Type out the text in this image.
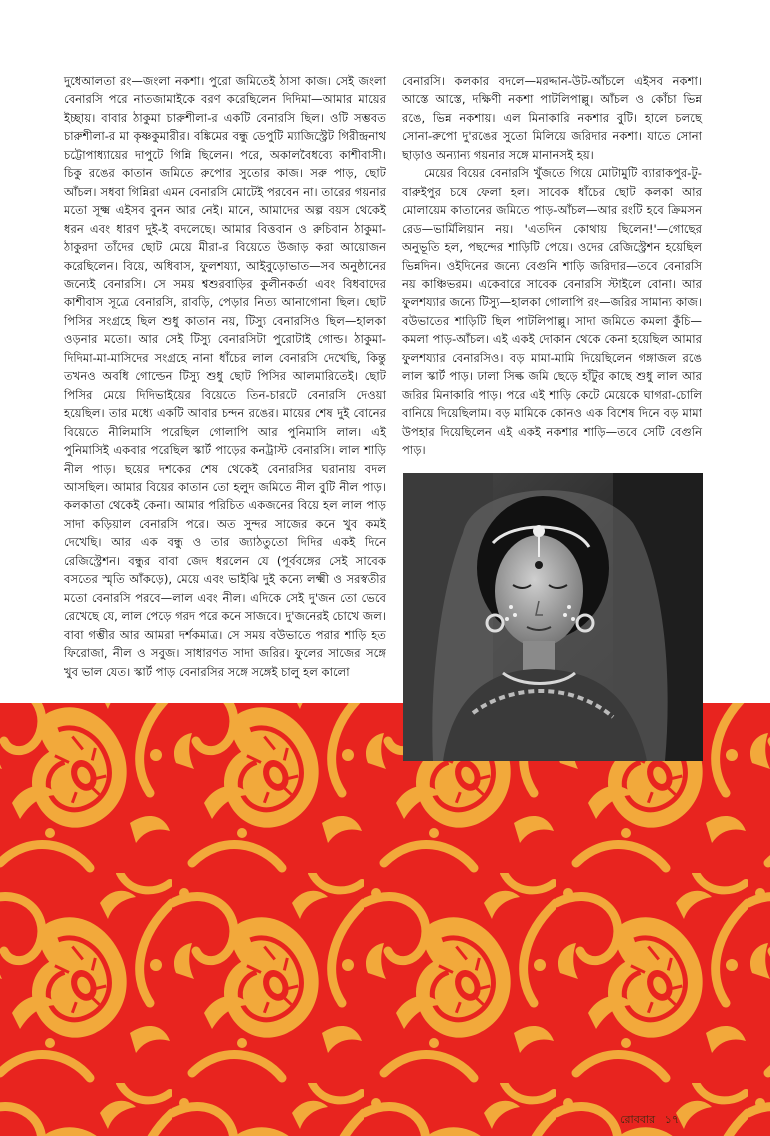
দুধেআলতা রং—জংলা নকশা। পুরো জমিতেই ঠাসা কাজ। সেই জংলা বেনারসি পরে নাতজামাইকে বরণ করেছিলেন দিদিমা—আমার মায়ের ইচ্ছায়। বাবার ঠাকুমা চারুশীলা-র একটি বেনারসি ছিল। ওটি সম্ভবত চারুশীলা-র মা কৃষ্ণকুমারীর। বঙ্কিমের বন্ধু ডেপুটি ম্যাজিস্ট্রেট গিরীন্দ্রনাথ চট্টোপাধ্যায়ের দাপুটে গিন্নি ছিলেন। পরে, অকালবৈধব্যে কাশীবাসী। চিকু রঙের কাতান জমিতে রুপোর সুতোর কাজ। সরু পাড়, ছোট আঁচল। সধবা গিন্নিরা এমন বেনারসি মোটেই পরবেন না। তারের গয়নার মতো সূক্ষ্ম এইসব বুনন আর নেই। মানে, আমাদের অল্প বয়স থেকেই ধরন এবং ধারণ দুই-ই বদলেছে। আমার বিত্তবান ও রুচিবান ঠাকুমা-ঠাকুরদা তাঁদের ছোট মেয়ে মীরা-র বিয়েতে উজাড় করা আয়োজন করেছিলেন। বিয়ে, অধিবাস, ফুলশয্যা, আইবুড়োভাত—সব অনুষ্ঠানের জন্যেই বেনারসি। সে সময় শ্বশুরবাড়ির কুলীনকর্তা এবং বিধবাদের কাশীবাস সূত্রে বেনারসি, রাবড়ি, পেড়ার নিত্য আনাগোনা ছিল। ছোট পিসির সংগ্রহে ছিল শুধু কাতান নয়, টিস্যু বেনারসিও ছিল—হালকা ওড়নার মতো। আর সেই টিস্যু বেনারসিটা পুরোটাই গোল্ড। ঠাকুমা-দিদিমা-মা-মাসিদের সংগ্রহে নানা ধাঁচের লাল বেনারসি দেখেছি, কিন্তু তখনও অবধি গোল্ডেন টিস্যু শুধু ছোট পিসির আলমারিতেই। ছোট পিসির মেয়ে দিদিভাইয়ের বিয়েতে তিন-চারটে বেনারসি দেওয়া হয়েছিল। তার মধ্যে একটি আবার চন্দন রঙের। মায়ের শেষ দুই বোনের বিয়েতে নীলিমাসি পরেছিল গোলাপি আর পুনিমাসি লাল। এই পুনিমাসিই একবার পরেছিল স্কার্ট পাড়ের কনট্রাস্ট বেনারসি। লাল শাড়ি নীল পাড়। ছয়ের দশকের শেষ থেকেই বেনারসির ঘরানায় বদল আসছিল। আমার বিয়ের কাতান তো হলুদ জমিতে নীল বুটি নীল পাড়। কলকাতা থেকেই কেনা। আমার পরিচিত একজনের বিয়ে হল লাল পাড় সাদা কড়িয়াল বেনারসি পরে। অত সুন্দর সাজের কনে খুব কমই দেখেছি। আর এক বন্ধু ও তার জ্যাঠতুতো দিদির একই দিনে রেজিস্ট্রেশন। বন্ধুর বাবা জেদ ধরলেন যে (পূর্ববঙ্গের সেই সাবেক বসতের স্মৃতি আঁকড়ে), মেয়ে এবং ভাইঝি দুই কন্যে লক্ষ্মী ও সরস্বতীর মতো বেনারসি পরবে—লাল এবং নীল। এদিকে সেই দু'জন তো ভেবে রেখেছে যে, লাল পেড়ে গরদ পরে কনে সাজবে। দু'জনেরই চোখে জল। বাবা গম্ভীর আর আমরা দর্শকমাত্র। সে সময় বউভাতে পরার শাড়ি হত ফিরোজা, নীল ও সবুজ। সাধারণত সাদা জরির। ফুলের সাজের সঙ্গে খুব ভাল যেত। স্কার্ট পাড় বেনারসির সঙ্গে সঙ্গেই চালু হল কালো

বেনারসি। কলকার বদলে—মরদ্দান-উট-আঁচলে এইসব নকশা। আস্তে আস্তে, দক্ষিণী নকশা পাটলিপাল্লু। আঁচল ও কোঁচা ভিন্ন রঙে, ভিন্ন নকশায়। এল মিনাকারি নকশার বুটি। হালে চলছে সোনা-রুপো দু'রঙের সুতো মিলিয়ে জরিদার নকশা। যাতে সোনা ছাড়াও অন্যান্য গয়নার সঙ্গে মানানসই হয়।

মেয়ের বিয়ের বেনারসি খুঁজতে গিয়ে মোটামুটি ব্যারাকপুর-টু-বারুইপুর চষে ফেলা হল। সাবেক ধাঁচের ছোট কলকা আর মোলায়েম কাতানের জমিতে পাড়-আঁচল—আর রংটি হবে ক্রিমসন রেড—ভার্মিলিয়ান নয়। 'এতদিন কোথায় ছিলেন!'—গোছের অনুভূতি হল, পছন্দের শাড়িটি পেয়ে। ওদের রেজিস্ট্রেশন হয়েছিল ভিন্নদিন। ওইদিনের জন্যে বেগুনি শাড়ি জরিদার—তবে বেনারসি নয় কাঞ্চিভরম। একেবারে সাবেক বেনারসি স্টাইলে বোনা। আর ফুলশয্যার জন্যে টিস্যু—হালকা গোলাপি রং—জরির সামান্য কাজ। বউভাতের শাড়িটি ছিল পাটলিপাল্লু। সাদা জমিতে কমলা কুঁচি—কমলা পাড়-আঁচল। এই একই দোকান থেকে কেনা হয়েছিল আমার ফুলশয্যার বেনারসিও। বড় মামা-মামি দিয়েছিলেন গঙ্গাজল রঙে লাল স্কার্ট পাড়। ঢালা সিল্ক জমি ছেড়ে হাঁটুর কাছে শুধু লাল আর জরির মিনাকারি পাড়। পরে এই শাড়ি কেটে মেয়েকে ঘাগরা-চোলি বানিয়ে দিয়েছিলাম। বড় মামিকে কোনও এক বিশেষ দিনে বড় মামা উপহার দিয়েছিলেন এই একই নকশার শাড়ি—তবে সেটি বেগুনি পাড়।

রোববার ১৭
